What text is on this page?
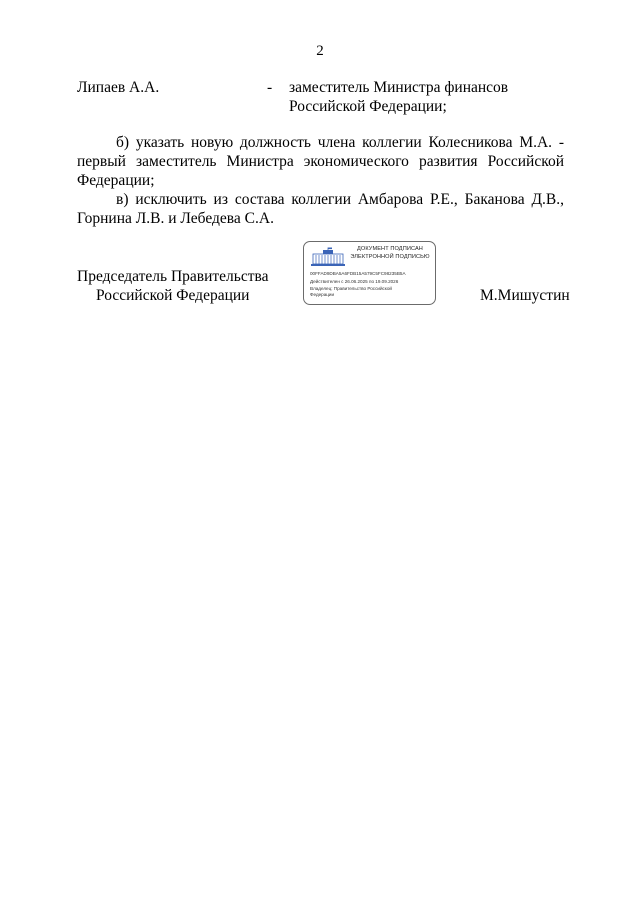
2
Липаев А.А.	- заместитель Министра финансов
Российской Федерации;
б) указать новую должность члена коллегии Колесникова М.А. -
первый заместитель Министра экономического развития Российской
Федерации;
в) исключить из состава коллегии Амбарова Р.Е., Баканова Д.В.,
Горнина Л.В. и Лебедева С.А.
Председатель Правительства
Российской Федерации	М.Мишустин
ДОКУМЕНТ ПОДПИСАН
ЭЛЕКТРОННОЙ ПОДПИСЬЮ
00FFAD9DBA5A6FDB15A579C5FC98235B5A
Действителен с 26.06.2025 по 19.09.2026
Владелец: Правительство Российской
Федерации
